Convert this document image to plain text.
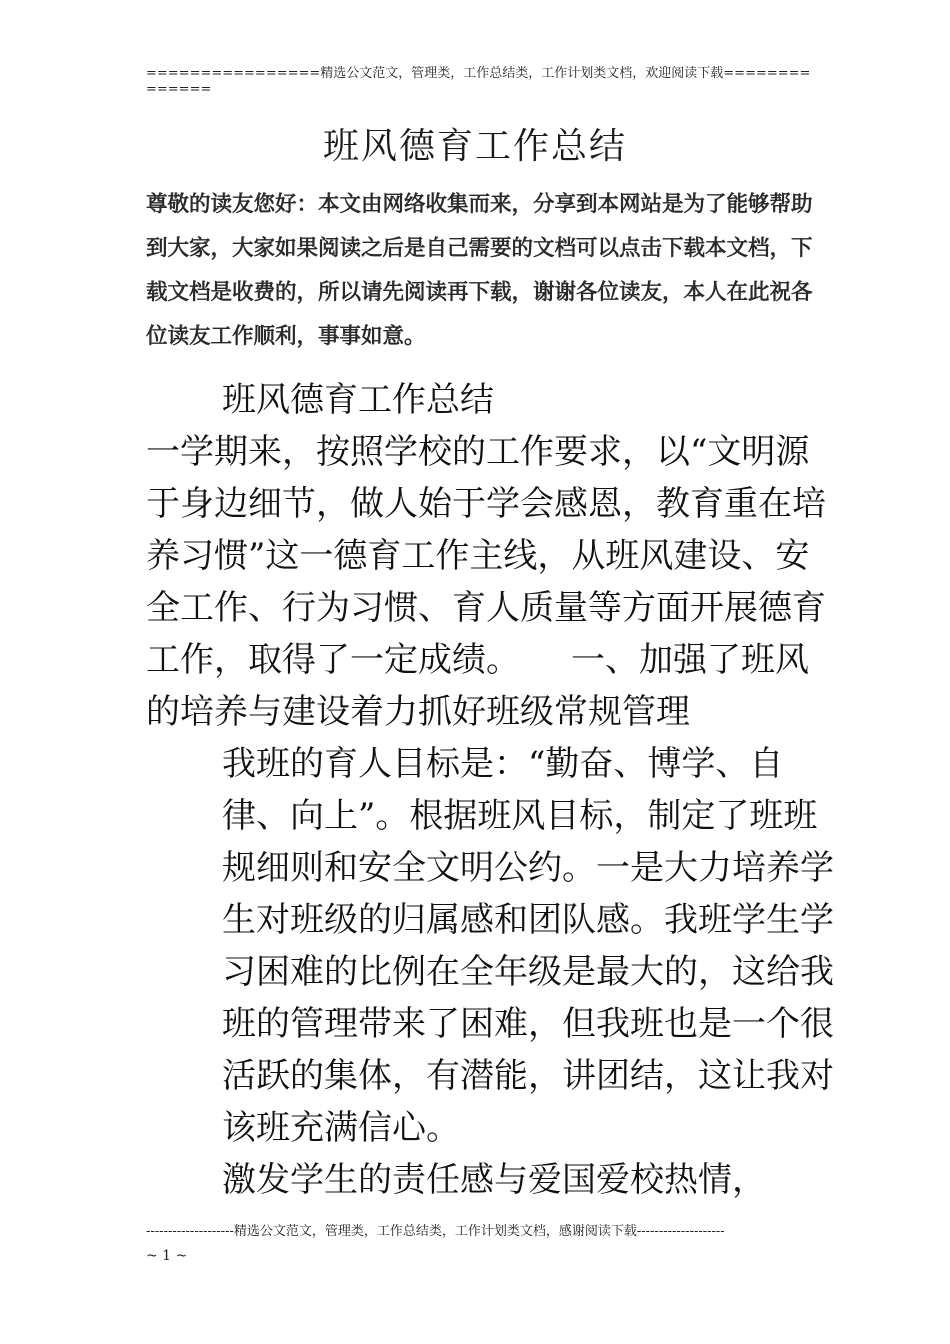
================精选公文范文，管理类，工作总结类，工作计划类文档，欢迎阅读下载==============
班风德育工作总结
尊敬的读友您好：本文由网络收集而来，分享到本网站是为了能够帮助到大家，大家如果阅读之后是自己需要的文档可以点击下载本文档，下载文档是收费的，所以请先阅读再下载，谢谢各位读友，本人在此祝各位读友工作顺利，事事如意。

班风德育工作总结

一学期来，按照学校的工作要求，以“文明源于身边细节，做人始于学会感恩，教育重在培养习惯”这一德育工作主线，从班风建设、安全工作、行为习惯、育人质量等方面开展德育工作，取得了一定成绩。　　一、加强了班风的培养与建设着力抓好班级常规管理

我班的育人目标是：“勤奋、博学、自律、向上”。根据班风目标，制定了班班规细则和安全文明公约。一是大力培养学生对班级的归属感和团队感。我班学生学习困难的比例在全年级是最大的，这给我班的管理带来了困难，但我班也是一个很活跃的集体，有潜能，讲团结，这让我对该班充满信心。

激发学生的责任感与爱国爱校热情，

--------------------精选公文范文，管理类，工作总结类，工作计划类文档，感谢阅读下载--------------------
~ 1 ~
